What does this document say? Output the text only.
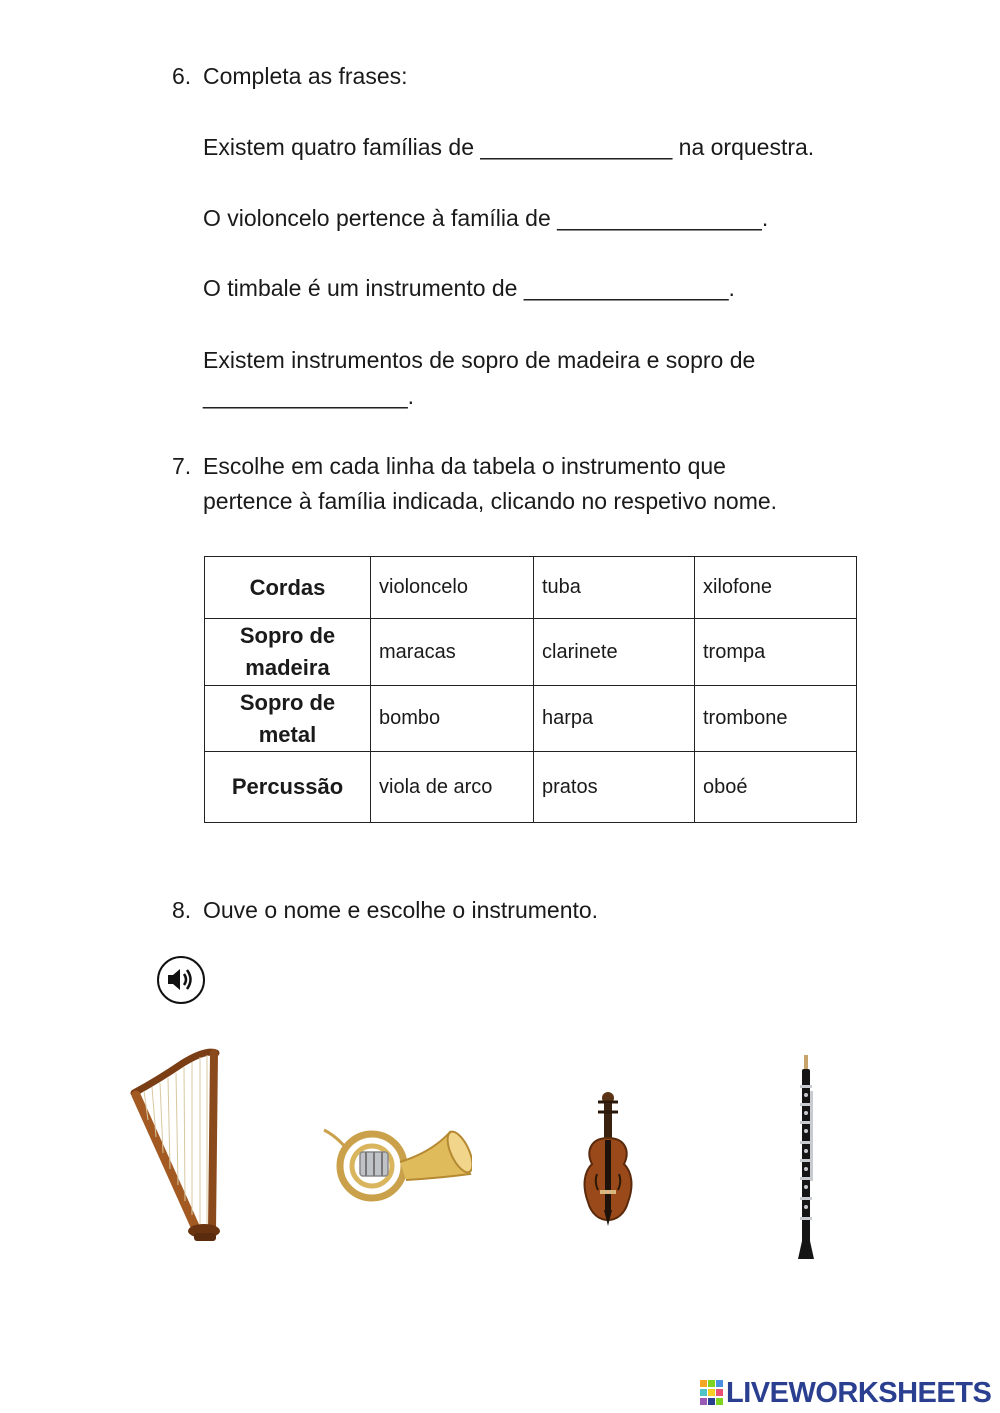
6. Completa as frases:
Existem quatro famílias de _______________ na orquestra.
O violoncelo pertence à família de ________________.
O timbale é um instrumento de ________________.
Existem instrumentos de sopro de madeira e sopro de
________________.
7. Escolhe em cada linha da tabela o instrumento que
pertence à família indicada, clicando no respetivo nome.
Cordas	violoncelo	tuba	xilofone

Sopro de
madeira	maracas	clarinete	trompa

Sopro de
metal	bombo	harpa	trombone
Percussão	viola de arco	pratos	oboé
8. Ouve o nome e escolhe o instrumento.
LIVEWORKSHEETS
